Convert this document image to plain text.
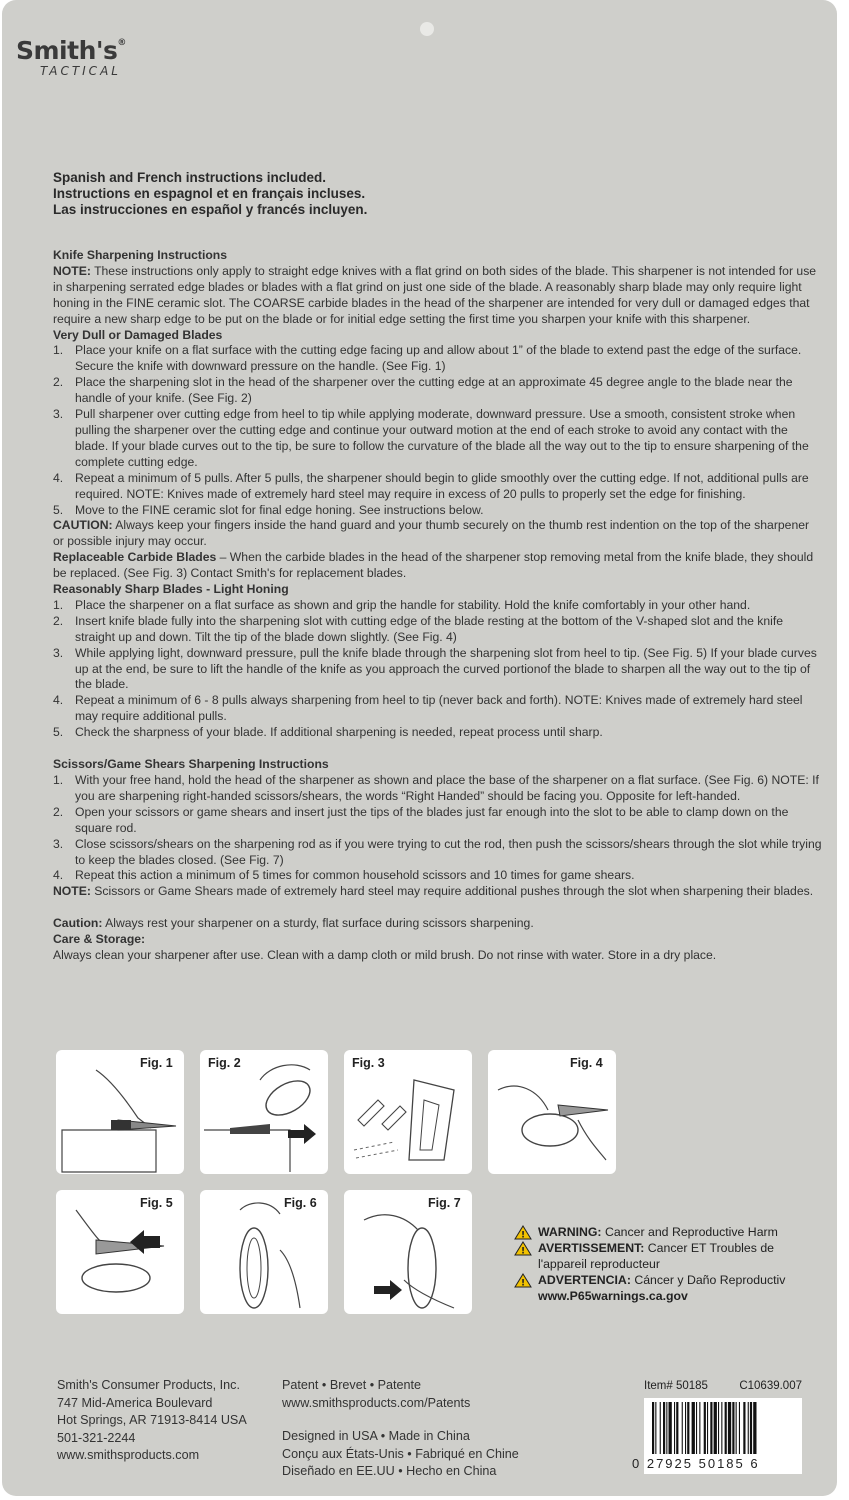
Smith's®
TACTICAL
Spanish and French instructions included.
Instructions en espagnol et en français incluses.
Las instrucciones en español y francés incluyen.
Knife Sharpening Instructions

NOTE: These instructions only apply to straight edge knives with a flat grind on both sides of the blade. This sharpener is not intended for use in sharpening serrated edge blades or blades with a flat grind on just one side of the blade. A reasonably sharp blade may only require light honing in the FINE ceramic slot. The COARSE carbide blades in the head of the sharpener are intended for very dull or damaged edges that require a new sharp edge to be put on the blade or for initial edge setting the first time you sharpen your knife with this sharpener.

Very Dull or Damaged Blades
1. Place your knife on a flat surface with the cutting edge facing up and allow about 1” of the blade to extend past the edge of the surface. Secure the knife with downward pressure on the handle. (See Fig. 1)
2. Place the sharpening slot in the head of the sharpener over the cutting edge at an approximate 45 degree angle to the blade near the handle of your knife. (See Fig. 2)
3. Pull sharpener over cutting edge from heel to tip while applying moderate, downward pressure. Use a smooth, consistent stroke when pulling the sharpener over the cutting edge and continue your outward motion at the end of each stroke to avoid any contact with the blade. If your blade curves out to the tip, be sure to follow the curvature of the blade all the way out to the tip to ensure sharpening of the complete cutting edge.
4. Repeat a minimum of 5 pulls. After 5 pulls, the sharpener should begin to glide smoothly over the cutting edge. If not, additional pulls are required. NOTE: Knives made of extremely hard steel may require in excess of 20 pulls to properly set the edge for finishing.
5. Move to the FINE ceramic slot for final edge honing. See instructions below.

CAUTION: Always keep your fingers inside the hand guard and your thumb securely on the thumb rest indention on the top of the sharpener or possible injury may occur.

Replaceable Carbide Blades – When the carbide blades in the head of the sharpener stop removing metal from the knife blade, they should be replaced. (See Fig. 3) Contact Smith's for replacement blades.

Reasonably Sharp Blades - Light Honing
1. Place the sharpener on a flat surface as shown and grip the handle for stability. Hold the knife comfortably in your other hand.
2. Insert knife blade fully into the sharpening slot with cutting edge of the blade resting at the bottom of the V-shaped slot and the knife straight up and down. Tilt the tip of the blade down slightly. (See Fig. 4)
3. While applying light, downward pressure, pull the knife blade through the sharpening slot from heel to tip. (See Fig. 5) If your blade curves up at the end, be sure to lift the handle of the knife as you approach the curved portionof the blade to sharpen all the way out to the tip of the blade.
4. Repeat a minimum of 6 - 8 pulls always sharpening from heel to tip (never back and forth). NOTE: Knives made of extremely hard steel may require additional pulls.
5. Check the sharpness of your blade. If additional sharpening is needed, repeat process until sharp.
Scissors/Game Shears Sharpening Instructions
1. With your free hand, hold the head of the sharpener as shown and place the base of the sharpener on a flat surface. (See Fig. 6) NOTE: If you are sharpening right-handed scissors/shears, the words “Right Handed” should be facing you. Opposite for left-handed.
2. Open your scissors or game shears and insert just the tips of the blades just far enough into the slot to be able to clamp down on the square rod.
3. Close scissors/shears on the sharpening rod as if you were trying to cut the rod, then push the scissors/shears through the slot while trying to keep the blades closed. (See Fig. 7)
4. Repeat this action a minimum of 5 times for common household scissors and 10 times for game shears.

NOTE: Scissors or Game Shears made of extremely hard steel may require additional pushes through the slot when sharpening their blades.

Caution: Always rest your sharpener on a sturdy, flat surface during scissors sharpening.

Care & Storage:

Always clean your sharpener after use. Clean with a damp cloth or mild brush. Do not rinse with water. Store in a dry place.

Fig. 1	Fig. 2	Fig. 3	Fig. 4
Fig. 5	Fig. 6	Fig. 7
! WARNING: Cancer and Reproductive Harm
! AVERTISSEMENT: Cancer ET Troubles de
l'appareil reproducteur
! ADVERTENCIA: Cáncer y Daño Reproductiv
www.P65warnings.ca.gov
Smith's Consumer Products, Inc.
747 Mid-America Boulevard
Hot Springs, AR 71913-8414 USA
501-321-2244
www.smithsproducts.com
Patent • Brevet • Patente
www.smithsproducts.com/Patents
Designed in USA • Made in China
Conçu aux États-Unis • Fabriqué en Chine
Diseñado en EE.UU • Hecho en China
Item# 50185	C10639.007
0 27925 50185 6
